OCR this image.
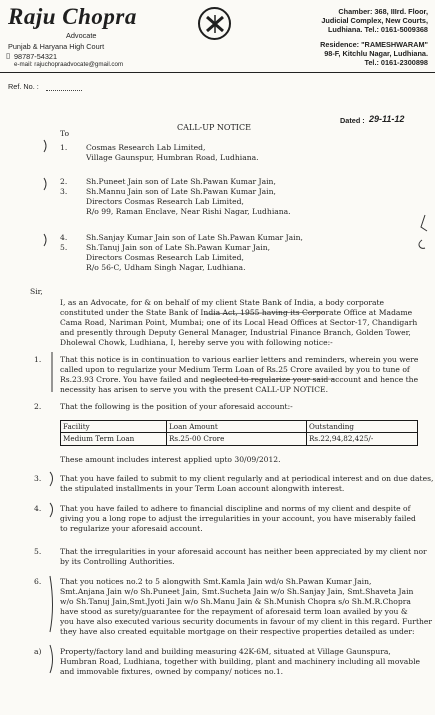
Raju Chopra
Advocate
Punjab & Haryana High Court
▯ 98787-54321
e-mail: rajuchopraadvocate@gmail.com
Chamber: 368, IIIrd. Floor,
Judicial Complex, New Courts,
Ludhiana. Tel.: 0161-5009368
Residence: "RAMESHWARAM"
98-F, Kitchlu Nagar, Ludhiana.
Tel.: 0161-2300898
Ref. No. :
Dated : 29-11-12
CALL-UP NOTICE
To
1. Cosmas Research Lab Limited,
Village Gaunspur, Humbran Road, Ludhiana.
2. Sh.Puneet Jain son of Late Sh.Pawan Kumar Jain,
3. Sh.Mannu Jain son of Late Sh.Pawan Kumar Jain,
Directors Cosmas Research Lab Limited,
R/o 99, Raman Enclave, Near Rishi Nagar, Ludhiana.
4. Sh.Sanjay Kumar Jain son of Late Sh.Pawan Kumar Jain,
5. Sh.Tanuj Jain son of Late Sh.Pawan Kumar Jain,
Directors Cosmas Research Lab Limited,
R/o 56-C, Udham Singh Nagar, Ludhiana.
Sir,
I, as an Advocate, for & on behalf of my client State Bank of India, a body corporate
constituted under the State Bank of India Act, 1955 having its Corporate Office at Madame
Cama Road, Nariman Point, Mumbai; one of its Local Head Offices at Sector-17, Chandigarh
and presently through Deputy General Manager, Industrial Finance Branch, Golden Tower,
Dholewal Chowk, Ludhiana, I, hereby serve you with following notice:-
1. That this notice is in continuation to various earlier letters and reminders, wherein you were
called upon to regularize your Medium Term Loan of Rs.25 Crore availed by you to tune of
Rs.23.93 Crore. You have failed and neglected to regularize your said account and hence the
necessity has arisen to serve you with the present CALL-UP NOTICE.
2. That the following is the position of your aforesaid account:-
Facility	Loan Amount	Outstanding
Medium Term Loan	Rs.25-00 Crore	Rs.22,94,82,425/-
These amount includes interest applied upto 30/09/2012.
3. That you have failed to submit to my client regularly and at periodical interest and on due dates,
the stipulated installments in your Term Loan account alongwith interest.
4. That you have failed to adhere to financial discipline and norms of my client and despite of
giving you a long rope to adjust the irregularities in your account, you have miserably failed
to regularize your aforesaid account.
5. That the irregularities in your aforesaid account has neither been appreciated by my client nor
by its Controlling Authorities.
6. That you notices no.2 to 5 alongwith Smt.Kamla Jain wd/o Sh.Pawan Kumar Jain,
Smt.Anjana Jain w/o Sh.Puneet Jain, Smt.Sucheta Jain w/o Sh.Sanjay Jain, Smt.Shaveta Jain
w/o Sh.Tanuj Jain,Smt.Jyoti Jain w/o Sh.Manu Jain & Sh.Munish Chopra s/o Sh.M.R.Chopra
have stood as surety/guarantee for the repayment of aforesaid term loan availed by you &
you have also executed various security documents in favour of my client in this regard. Further
they have also created equitable mortgage on their respective properties detailed as under:
a) Property/factory land and building measuring 42K-6M, situated at Village Gaunspura,
Humbran Road, Ludhiana, together with building, plant and machinery including all movable
and immovable fixtures, owned by company/ notices no.1.
